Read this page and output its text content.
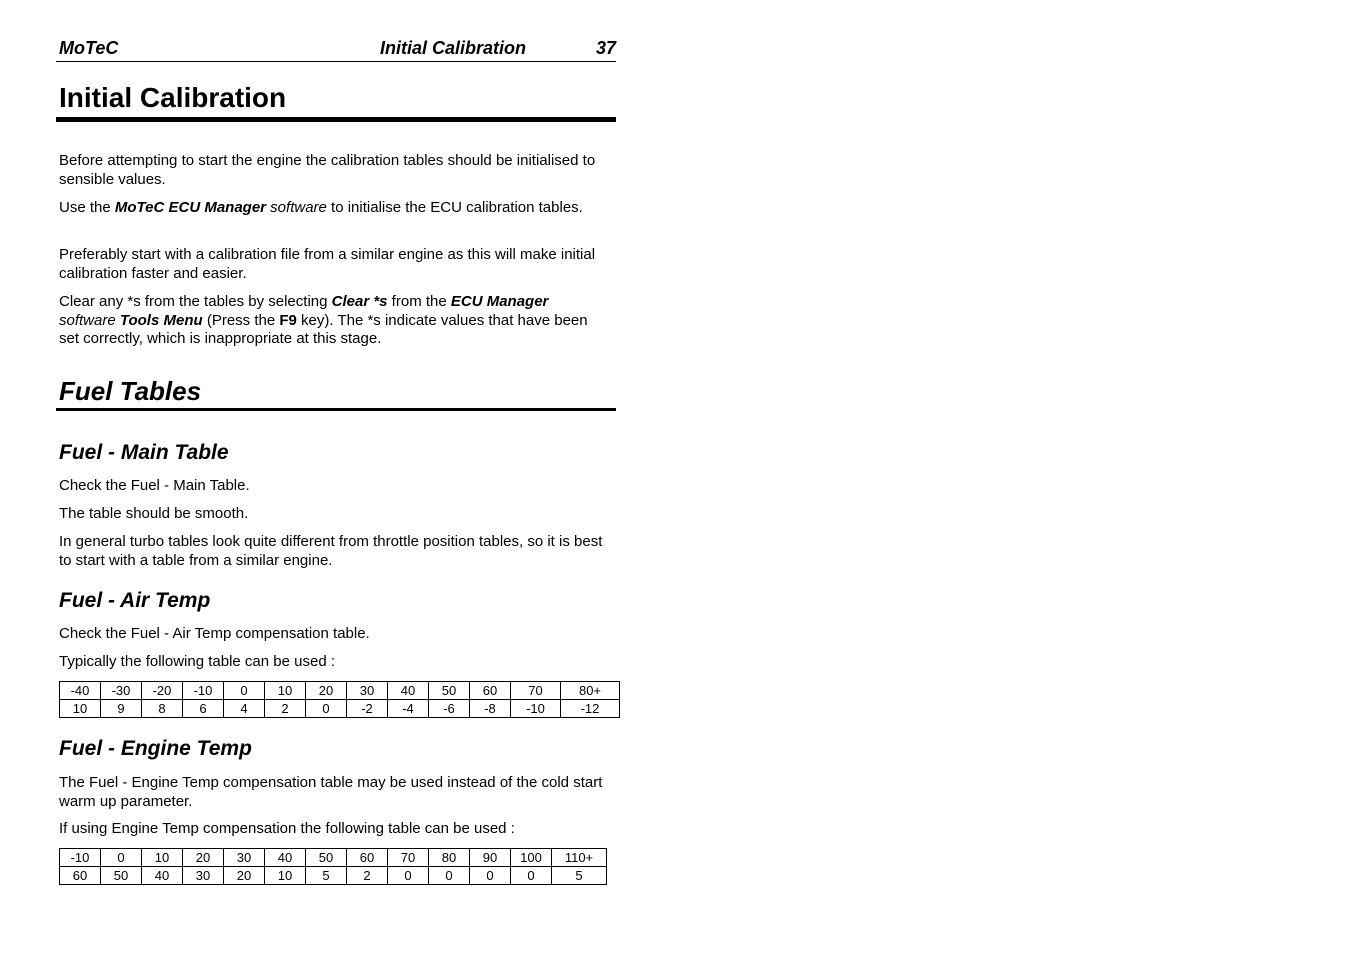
MoTeC	Initial Calibration	37
Initial Calibration
Before attempting to start the engine the calibration tables should be initialised to sensible values.
Use the MoTeC ECU Manager software to initialise the ECU calibration tables.
Preferably start with a calibration file from a similar engine as this will make initial calibration faster and easier.
Clear any *s from the tables by selecting Clear *s from the ECU Manager software Tools Menu (Press the F9 key). The *s indicate values that have been set correctly, which is inappropriate at this stage.
Fuel Tables
Fuel - Main Table
Check the Fuel - Main Table.
The table should be smooth.
In general turbo tables look quite different from throttle position tables, so it is best to start with a table from a similar engine.
Fuel - Air Temp
Check the Fuel - Air Temp compensation table.
Typically the following table can be used :
-40	-30	-20	-10	0	10	20	30	40	50	60	70	80+
10	9	8	6	4	2	0	-2	-4	-6	-8	-10	-12
Fuel - Engine Temp
The Fuel - Engine Temp compensation table may be used instead of the cold start warm up parameter.
If using Engine Temp compensation the following table can be used :
-10	0	10	20	30	40	50	60	70	80	90	100	110+
60	50	40	30	20	10	5	2	0	0	0	0	5
